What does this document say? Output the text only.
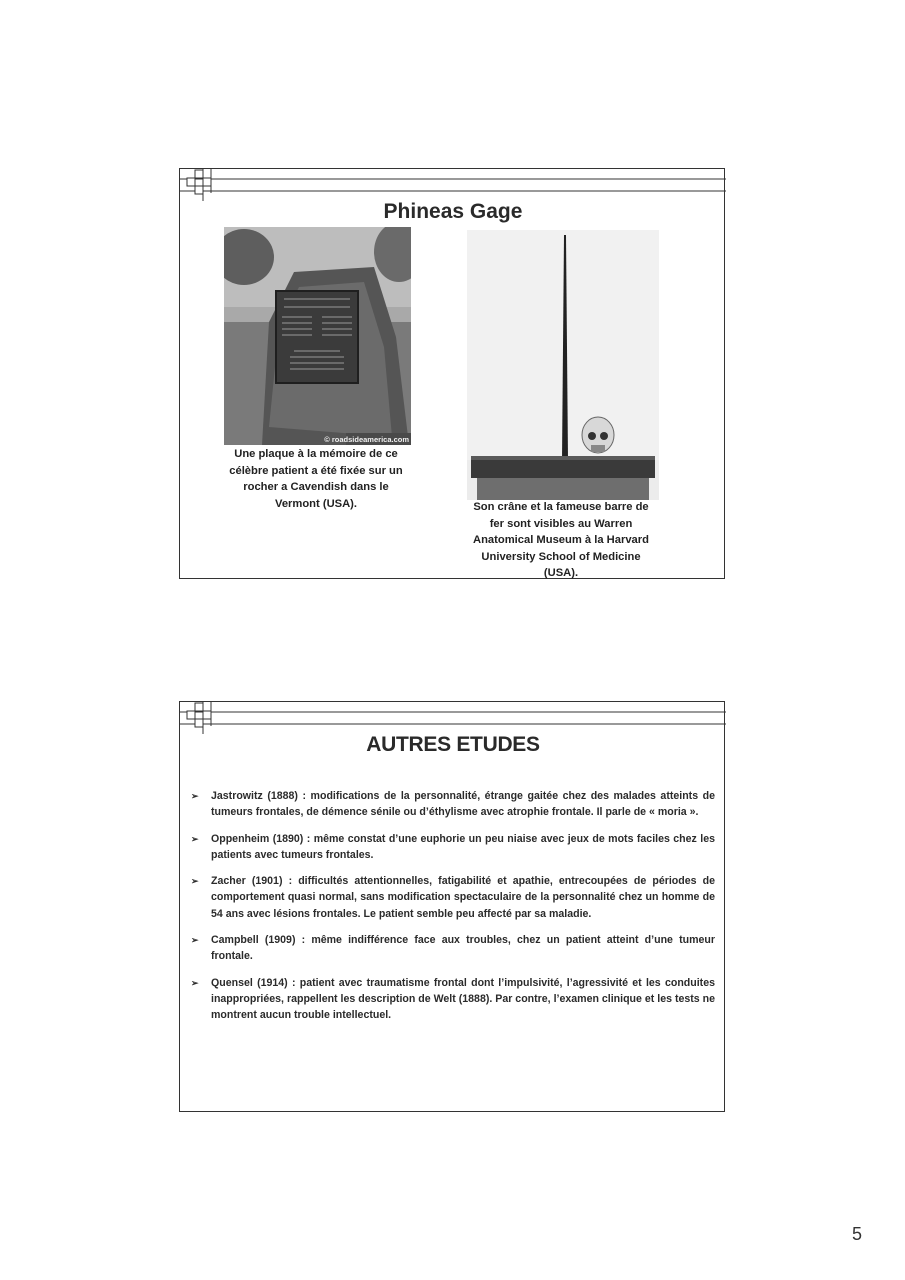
Phineas Gage
© roadsideamerica.com
Une plaque à la mémoire de ce célèbre patient a été fixée sur un rocher a Cavendish dans le Vermont (USA).	Son crâne et la fameuse barre de fer sont visibles au Warren Anatomical Museum à la Harvard University School of Medicine (USA).
AUTRES ETUDES
➢ Jastrowitz (1888) : modifications de la personnalité, étrange gaitée chez des malades atteints de tumeurs frontales, de démence sénile ou d’éthylisme avec atrophie frontale. Il parle de « moria ».
➢ Oppenheim (1890) : même constat d’une euphorie un peu niaise avec jeux de mots faciles chez les patients avec tumeurs frontales.
➢ Zacher (1901) : difficultés attentionnelles, fatigabilité et apathie, entrecoupées de périodes de comportement quasi normal, sans modification spectaculaire de la personnalité chez un homme de 54 ans avec lésions frontales. Le patient semble peu affecté par sa maladie.
➢ Campbell (1909) : même indifférence face aux troubles, chez un patient atteint d’une tumeur frontale.
➢ Quensel (1914) : patient avec traumatisme frontal dont l’impulsivité, l’agressivité et les conduites inappropriées, rappellent les description de Welt (1888). Par contre, l’examen clinique et les tests ne montrent aucun trouble intellectuel.
5
